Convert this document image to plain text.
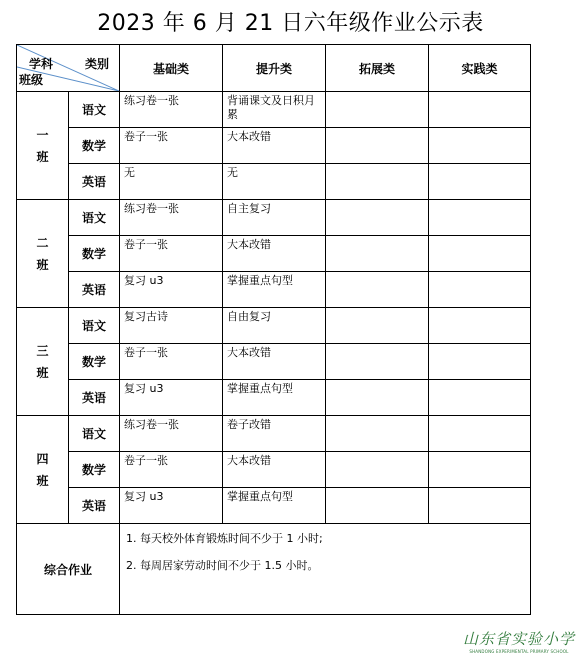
2023 年 6 月 21 日六年级作业公示表
学科 类别
班级		基础类	提升类	拓展类	实践类
一
班	语文	练习卷一张	背诵课文及日积月累		

	数学	卷子一张	大本改错		

	英语	无	无		

二
班	语文	练习卷一张	自主复习		

	数学	卷子一张	大本改错		

	英语	复习 u3	掌握重点句型		

三
班	语文	复习古诗	自由复习		

	数学	卷子一张	大本改错		

	英语	复习 u3	掌握重点句型		

四
班	语文	练习卷一张	卷子改错		

	数学	卷子一张	大本改错		

	英语	复习 u3	掌握重点句型		

综合作业		1. 每天校外体育锻炼时间不少于 1 小时;

2. 每周居家劳动时间不少于 1.5 小时。			

山东省实验小学
SHANDONG EXPERIMENTAL PRIMARY SCHOOL
